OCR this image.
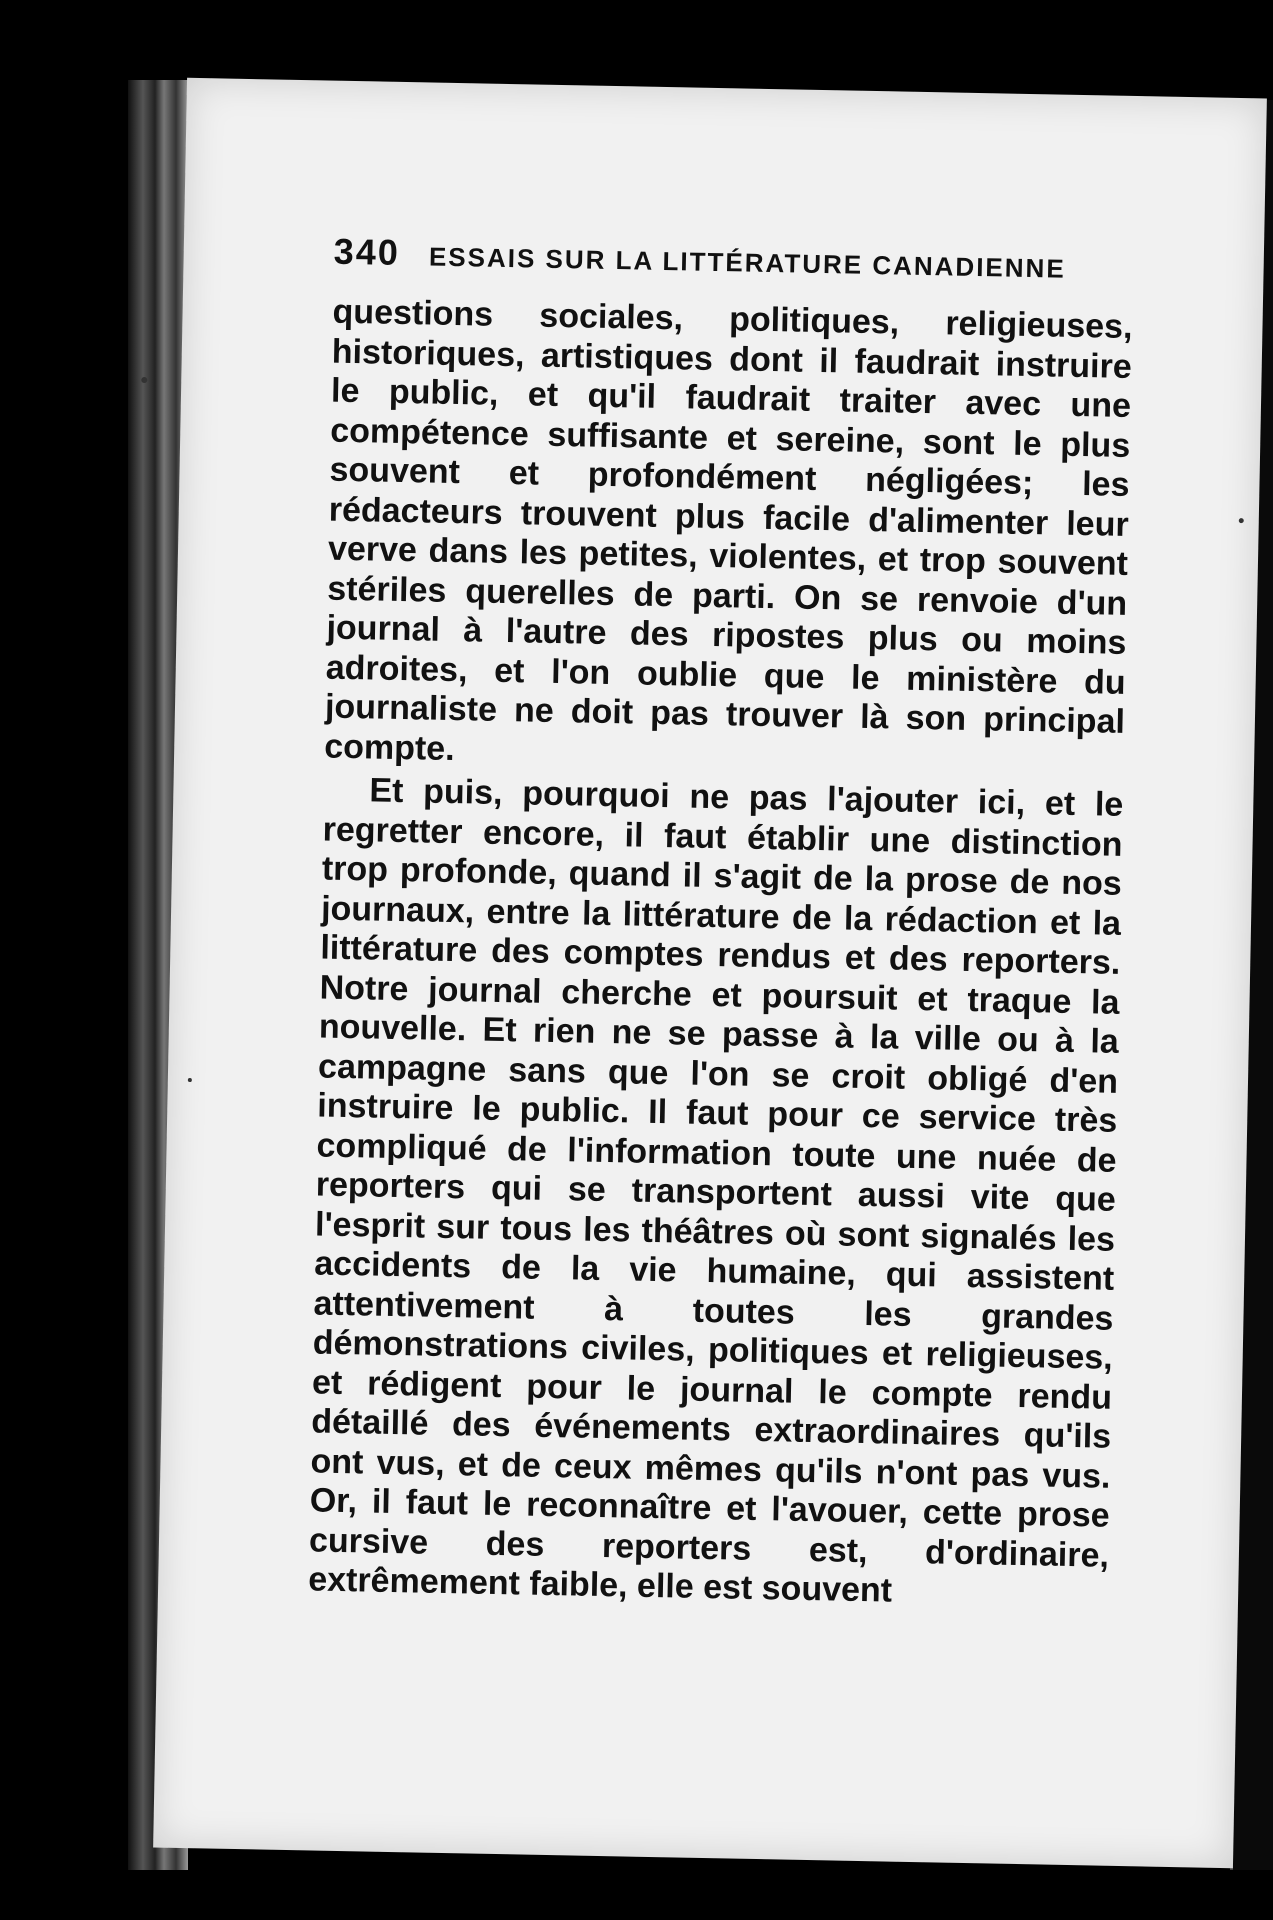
340 ESSAIS SUR LA LITTÉRATURE CANADIENNE

questions sociales, politiques, religieuses, historiques, artistiques dont il faudrait instruire le public, et qu'il faudrait traiter avec une compétence suffisante et sereine, sont le plus souvent et profondément négligées; les rédacteurs trouvent plus facile d'alimenter leur verve dans les petites, violentes, et trop souvent stériles querelles de parti. On se renvoie d'un journal à l'autre des ripostes plus ou moins adroites, et l'on oublie que le ministère du journaliste ne doit pas trouver là son principal compte.

Et puis, pourquoi ne pas l'ajouter ici, et le regretter encore, il faut établir une distinction trop profonde, quand il s'agit de la prose de nos journaux, entre la littérature de la rédaction et la littérature des comptes rendus et des reporters. Notre journal cherche et poursuit et traque la nouvelle. Et rien ne se passe à la ville ou à la campagne sans que l'on se croit obligé d'en instruire le public. Il faut pour ce service très compliqué de l'information toute une nuée de reporters qui se transportent aussi vite que l'esprit sur tous les théâtres où sont signalés les accidents de la vie humaine, qui assistent attentivement à toutes les grandes démonstrations civiles, politiques et religieuses, et rédigent pour le journal le compte rendu détaillé des événements extraordinaires qu'ils ont vus, et de ceux mêmes qu'ils n'ont pas vus. Or, il faut le reconnaître et l'avouer, cette prose cursive des reporters est, d'ordinaire, extrêmement faible, elle est souvent
